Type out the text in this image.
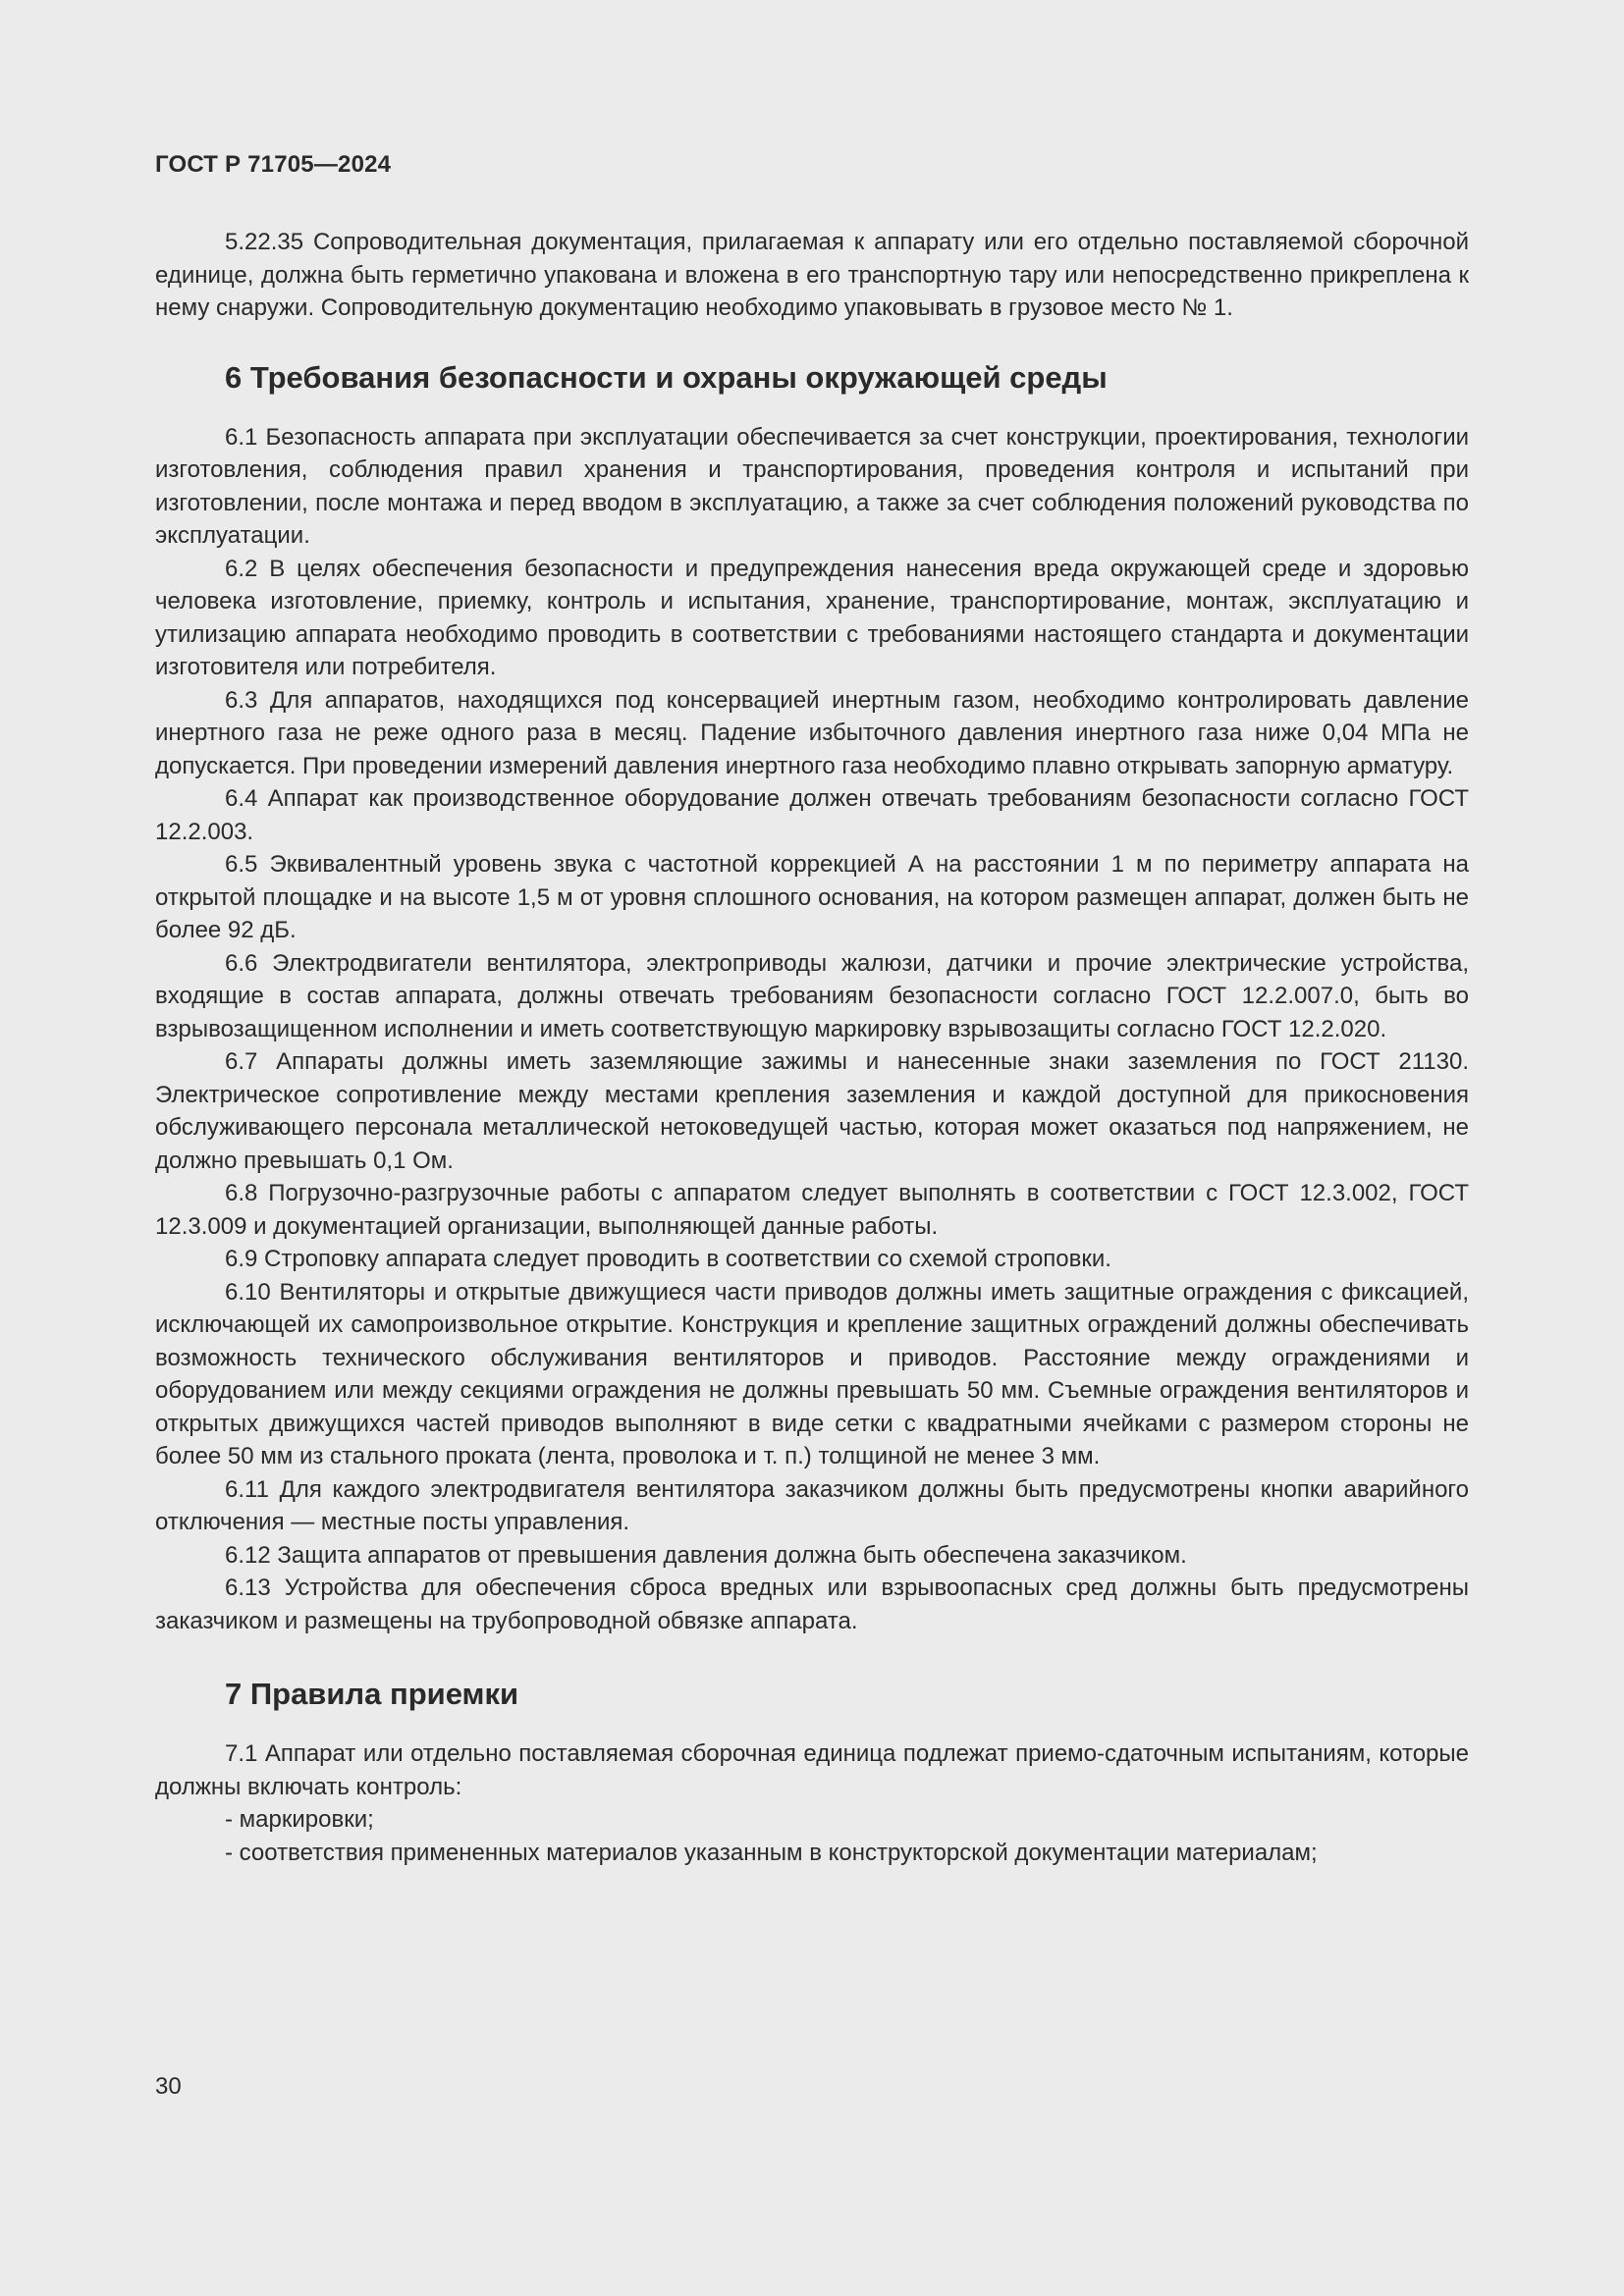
ГОСТ Р 71705—2024

5.22.35 Сопроводительная документация, прилагаемая к аппарату или его отдельно поставляемой сборочной единице, должна быть герметично упакована и вложена в его транспортную тару или непосредственно прикреплена к нему снаружи. Сопроводительную документацию необходимо упаковывать в грузовое место № 1.

6 Требования безопасности и охраны окружающей среды

6.1 Безопасность аппарата при эксплуатации обеспечивается за счет конструкции, проектирования, технологии изготовления, соблюдения правил хранения и транспортирования, проведения контроля и испытаний при изготовлении, после монтажа и перед вводом в эксплуатацию, а также за счет соблюдения положений руководства по эксплуатации.

6.2 В целях обеспечения безопасности и предупреждения нанесения вреда окружающей среде и здоровью человека изготовление, приемку, контроль и испытания, хранение, транспортирование, монтаж, эксплуатацию и утилизацию аппарата необходимо проводить в соответствии с требованиями настоящего стандарта и документации изготовителя или потребителя.

6.3 Для аппаратов, находящихся под консервацией инертным газом, необходимо контролировать давление инертного газа не реже одного раза в месяц. Падение избыточного давления инертного газа ниже 0,04 МПа не допускается. При проведении измерений давления инертного газа необходимо плавно открывать запорную арматуру.

6.4 Аппарат как производственное оборудование должен отвечать требованиям безопасности согласно ГОСТ 12.2.003.

6.5 Эквивалентный уровень звука с частотной коррекцией А на расстоянии 1 м по периметру аппарата на открытой площадке и на высоте 1,5 м от уровня сплошного основания, на котором размещен аппарат, должен быть не более 92 дБ.

6.6 Электродвигатели вентилятора, электроприводы жалюзи, датчики и прочие электрические устройства, входящие в состав аппарата, должны отвечать требованиям безопасности согласно ГОСТ 12.2.007.0, быть во взрывозащищенном исполнении и иметь соответствующую маркировку взрывозащиты согласно ГОСТ 12.2.020.

6.7 Аппараты должны иметь заземляющие зажимы и нанесенные знаки заземления по ГОСТ 21130. Электрическое сопротивление между местами крепления заземления и каждой доступной для прикосновения обслуживающего персонала металлической нетоковедущей частью, которая может оказаться под напряжением, не должно превышать 0,1 Ом.

6.8 Погрузочно-разгрузочные работы с аппаратом следует выполнять в соответствии с ГОСТ 12.3.002, ГОСТ 12.3.009 и документацией организации, выполняющей данные работы.

6.9 Строповку аппарата следует проводить в соответствии со схемой строповки.

6.10 Вентиляторы и открытые движущиеся части приводов должны иметь защитные ограждения с фиксацией, исключающей их самопроизвольное открытие. Конструкция и крепление защитных ограждений должны обеспечивать возможность технического обслуживания вентиляторов и приводов. Расстояние между ограждениями и оборудованием или между секциями ограждения не должны превышать 50 мм. Съемные ограждения вентиляторов и открытых движущихся частей приводов выполняют в виде сетки с квадратными ячейками с размером стороны не более 50 мм из стального проката (лента, проволока и т. п.) толщиной не менее 3 мм.

6.11 Для каждого электродвигателя вентилятора заказчиком должны быть предусмотрены кнопки аварийного отключения — местные посты управления.

6.12 Защита аппаратов от превышения давления должна быть обеспечена заказчиком.

6.13 Устройства для обеспечения сброса вредных или взрывоопасных сред должны быть предусмотрены заказчиком и размещены на трубопроводной обвязке аппарата.

7 Правила приемки

7.1 Аппарат или отдельно поставляемая сборочная единица подлежат приемо-сдаточным испытаниям, которые должны включать контроль:

- маркировки;

- соответствия примененных материалов указанным в конструкторской документации материалам;

30
